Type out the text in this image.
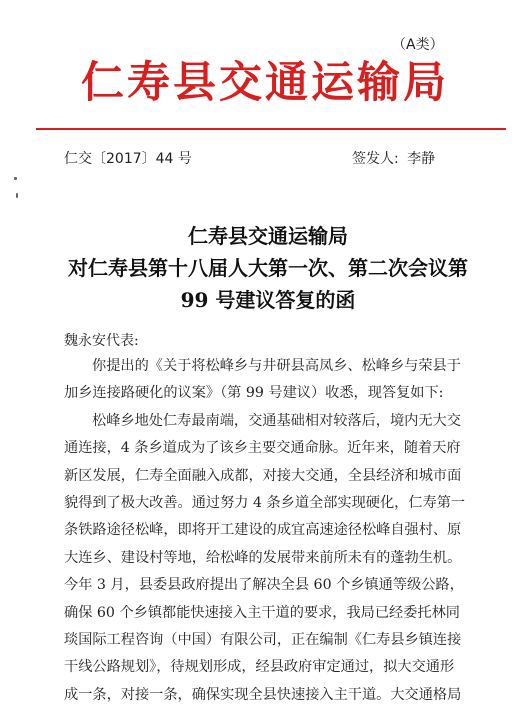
（A类）
仁寿县交通运输局
仁交〔2017〕44 号	签发人: 李静
仁寿县交通运输局
对仁寿县第十八届人大第一次、第二次会议第
99 号建议答复的函
魏永安代表:
你提出的《关于将松峰乡与井研县高凤乡、松峰乡与荣县于
加乡连接路硬化的议案》（第 99 号建议）收悉，现答复如下:
松峰乡地处仁寿最南端，交通基础相对较落后，境内无大交
通连接，4 条乡道成为了该乡主要交通命脉。近年来，随着天府
新区发展，仁寿全面融入成都，对接大交通，全县经济和城市面
貌得到了极大改善。通过努力 4 条乡道全部实现硬化，仁寿第一
条铁路途径松峰，即将开工建设的成宜高速途径松峰自强村、原
大连乡、建设村等地，给松峰的发展带来前所未有的蓬勃生机。
今年 3 月，县委县政府提出了解决全县 60 个乡镇通等级公路，
确保 60 个乡镇都能快速接入主干道的要求，我局已经委托林同
琰国际工程咨询（中国）有限公司，正在编制《仁寿县乡镇连接
干线公路规划》，待规划形成，经县政府审定通过，拟大交通形
成一条，对接一条，确保实现全县快速接入主干道。大交通格局
